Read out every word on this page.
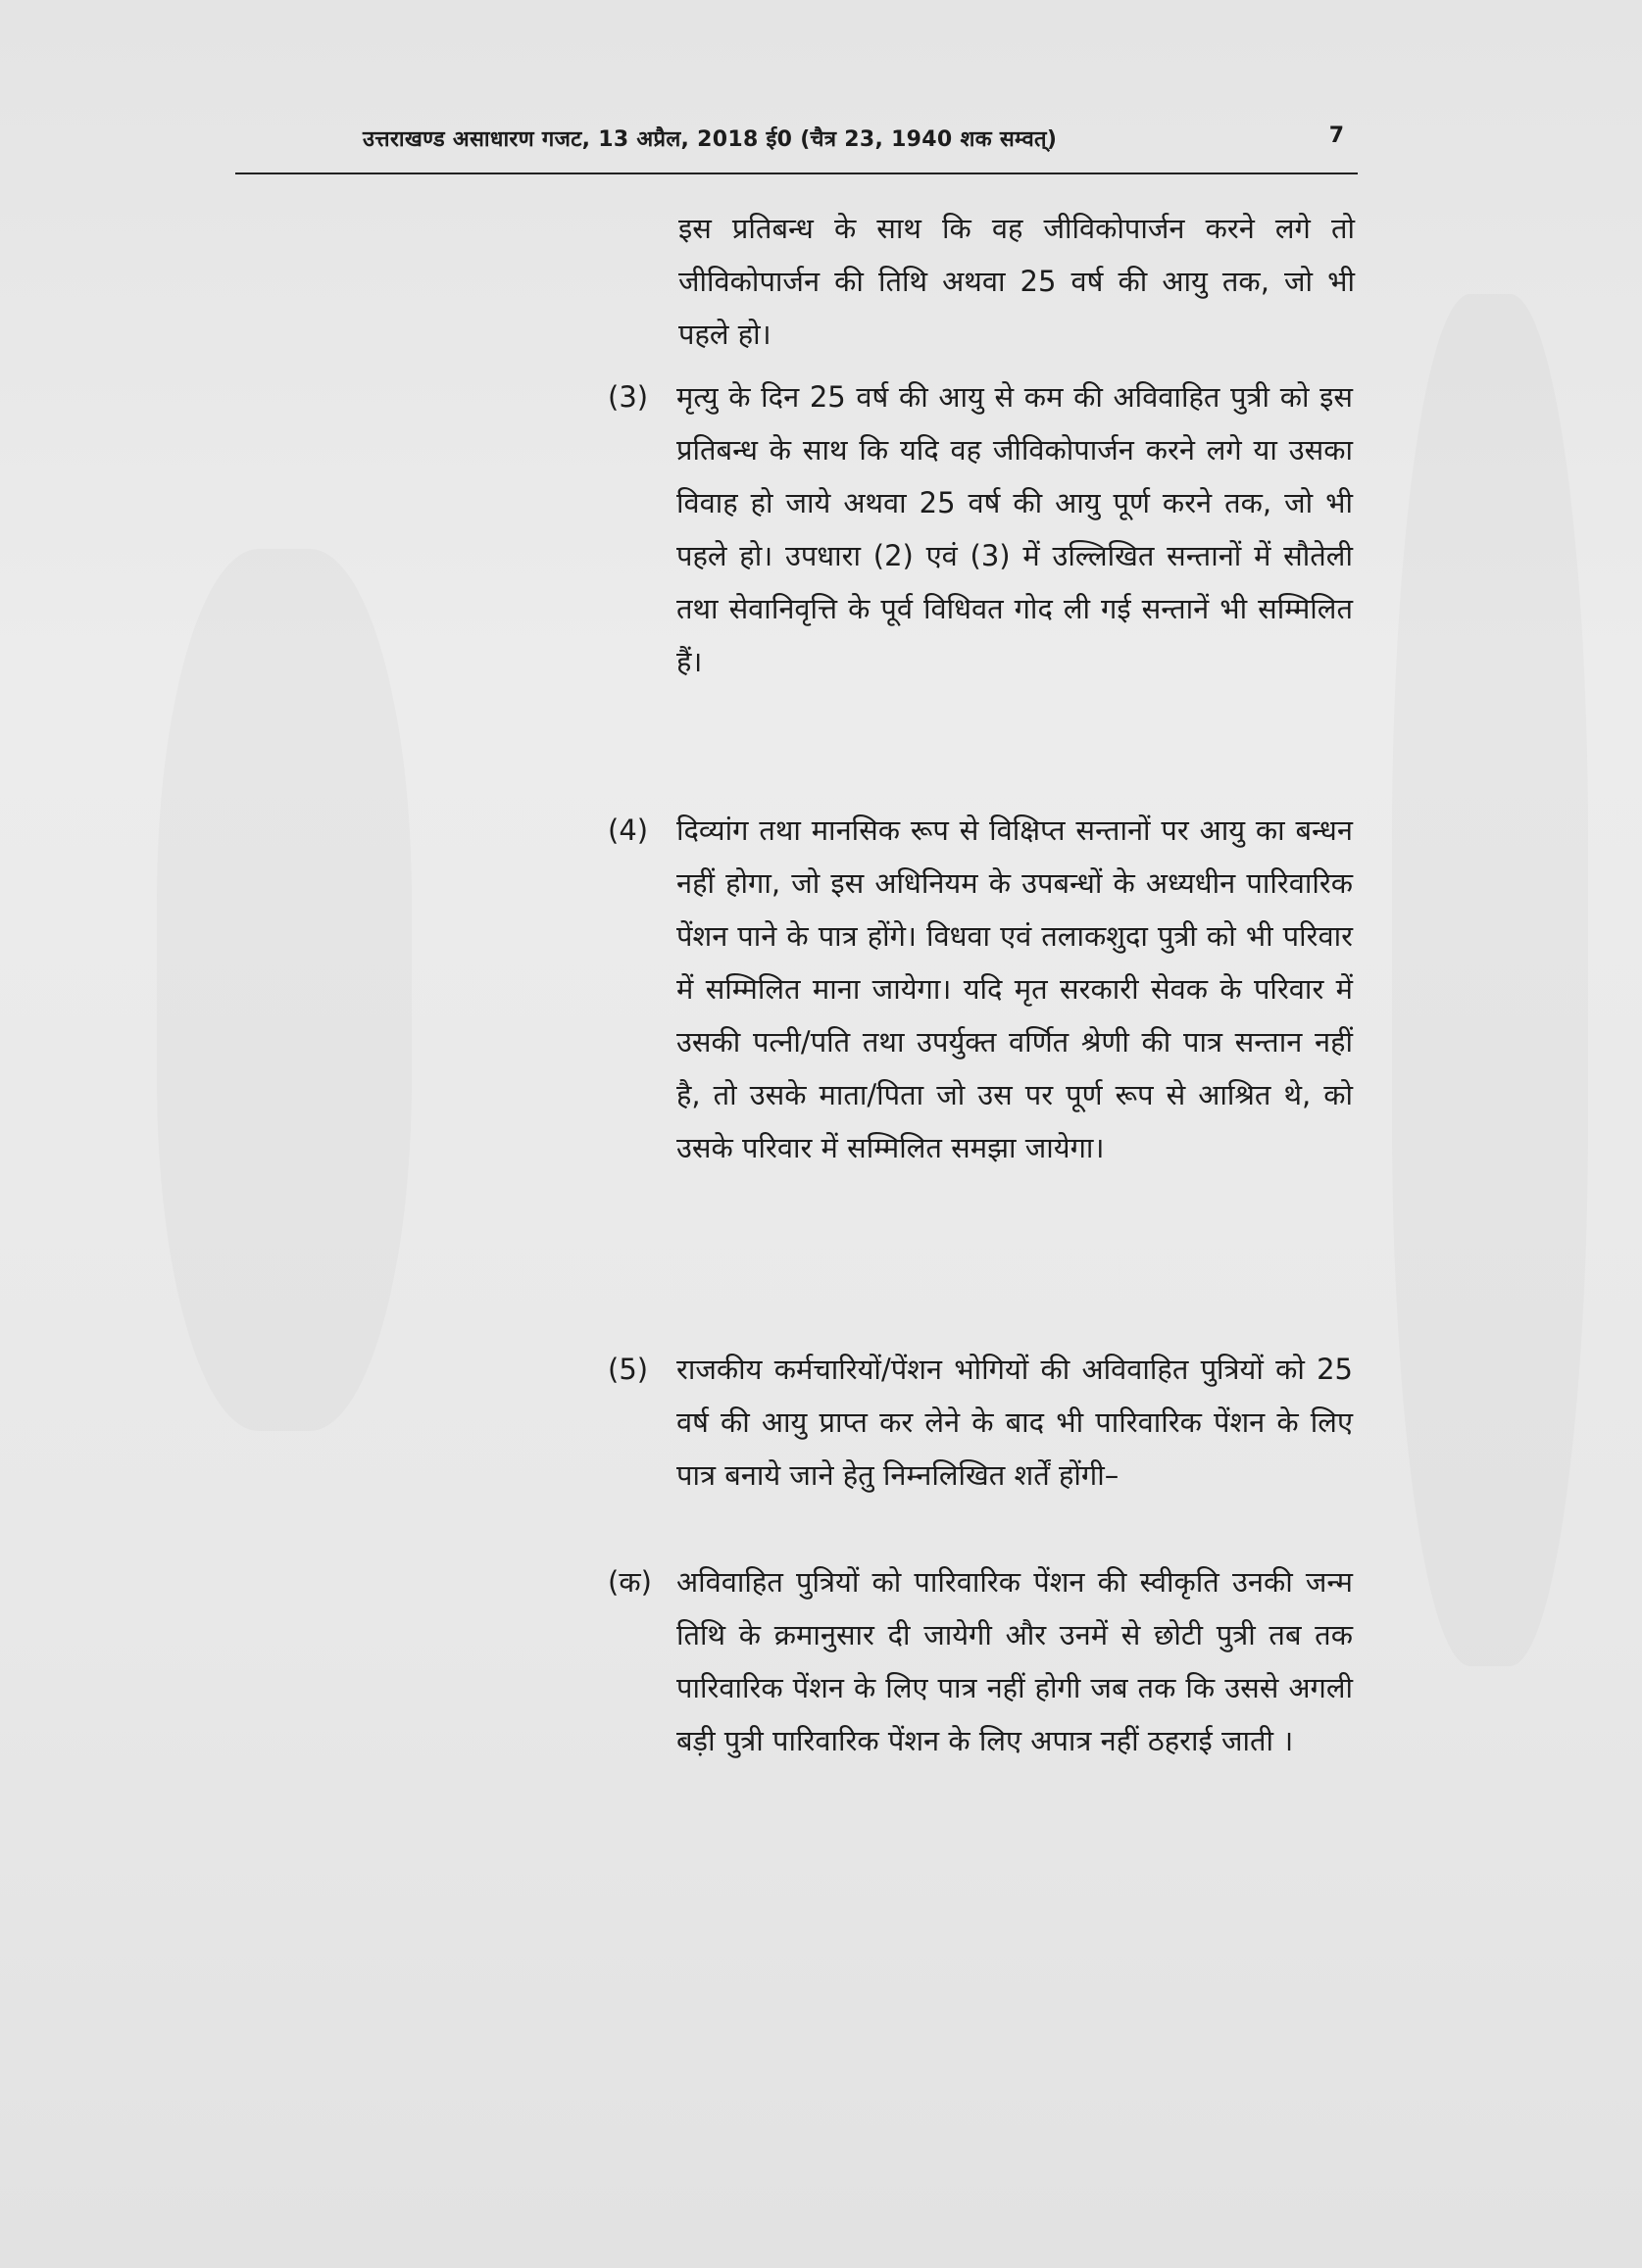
उत्तराखण्ड असाधारण गजट, 13 अप्रैल, 2018 ई0 (चैत्र 23, 1940 शक सम्वत्)	7
इस प्रतिबन्ध के साथ कि वह जीविकोपार्जन करने लगे तो जीविकोपार्जन की तिथि अथवा 25 वर्ष की आयु तक, जो भी पहले हो।
(3) मृत्यु के दिन 25 वर्ष की आयु से कम की अविवाहित पुत्री को इस प्रतिबन्ध के साथ कि यदि वह जीविकोपार्जन करने लगे या उसका विवाह हो जाये अथवा 25 वर्ष की आयु पूर्ण करने तक, जो भी पहले हो। उपधारा (2) एवं (3) में उल्लिखित सन्तानों में सौतेली तथा सेवानिवृत्ति के पूर्व विधिवत गोद ली गई सन्तानें भी सम्मिलित हैं।
(4) दिव्यांग तथा मानसिक रूप से विक्षिप्त सन्तानों पर आयु का बन्धन नहीं होगा, जो इस अधिनियम के उपबन्धों के अध्यधीन पारिवारिक पेंशन पाने के पात्र होंगे। विधवा एवं तलाकशुदा पुत्री को भी परिवार में सम्मिलित माना जायेगा। यदि मृत सरकारी सेवक के परिवार में उसकी पत्नी/पति तथा उपर्युक्त वर्णित श्रेणी की पात्र सन्तान नहीं है, तो उसके माता/पिता जो उस पर पूर्ण रूप से आश्रित थे, को उसके परिवार में सम्मिलित समझा जायेगा।
(5) राजकीय कर्मचारियों/पेंशन भोगियों की अविवाहित पुत्रियों को 25 वर्ष की आयु प्राप्त कर लेने के बाद भी पारिवारिक पेंशन के लिए पात्र बनाये जाने हेतु निम्नलिखित शर्तें होंगी–
(क) अविवाहित पुत्रियों को पारिवारिक पेंशन की स्वीकृति उनकी जन्म तिथि के क्रमानुसार दी जायेगी और उनमें से छोटी पुत्री तब तक पारिवारिक पेंशन के लिए पात्र नहीं होगी जब तक कि उससे अगली बड़ी पुत्री पारिवारिक पेंशन के लिए अपात्र नहीं ठहराई जाती ।
